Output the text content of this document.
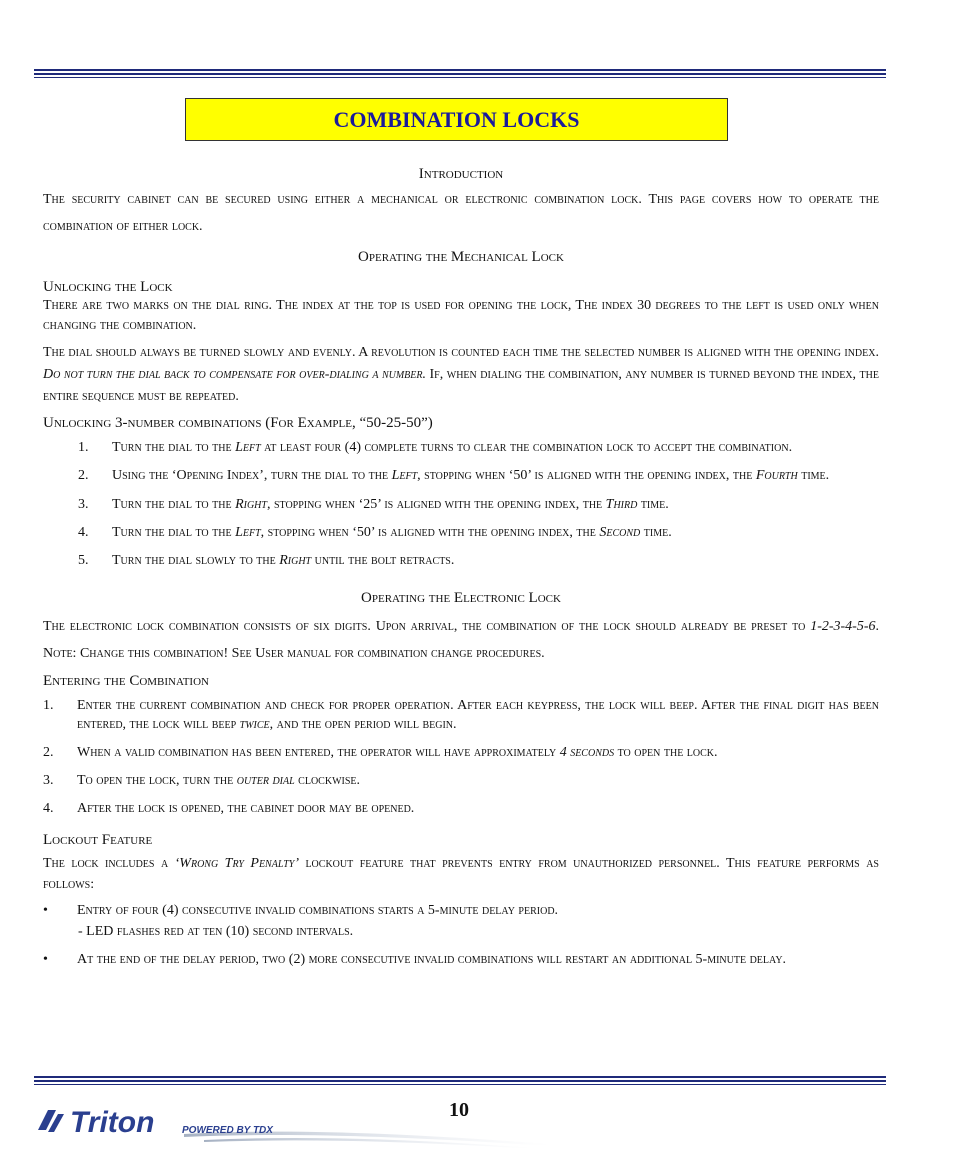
COMBINATION LOCKS
Introduction

The security cabinet can be secured using either a mechanical or electronic combination lock. This page covers how to operate the combination of either lock.

Operating the Mechanical Lock
Unlocking the Lock

There are two marks on the dial ring. The index at the top is used for opening the lock, The index 30 degrees to the left is used only when changing the combination.

The dial should always be turned slowly and evenly. A revolution is counted each time the selected number is aligned with the opening index. Do not turn the dial back to compensate for over-dialing a number. If, when dialing the combination, any number is turned beyond the index, the entire sequence must be repeated.

Unlocking 3-number combinations (For Example, “50-25-50”)
1.	Turn the dial to the Left at least four (4) complete turns to clear the combination lock to accept the combination.
2. Using the ‘Opening Index’, turn the dial to the Left, stopping when ‘50’ is aligned with the opening index, the Fourth time.
3.	Turn the dial to the Right, stopping when ‘25’ is aligned with the opening index, the Third time.
4.	Turn the dial to the Left, stopping when ‘50’ is aligned with the opening index, the Second time.
5.	Turn the dial slowly to the Right until the bolt retracts.
Operating the Electronic Lock

The electronic lock combination consists of six digits. Upon arrival, the combination of the lock should already be preset to 1-2-3-4-5-6. Note: Change this combination! See User manual for combination change procedures.

Entering the Combination
1.	Enter the current combination and check for proper operation. After each keypress, the lock will beep. After the final digit has been entered, the lock will beep twice, and the open period will begin.
2.	When a valid combination has been entered, the operator will have approximately 4 seconds to open the lock.
3.	To open the lock, turn the outer dial clockwise.
4.	After the lock is opened, the cabinet door may be opened.
Lockout Feature

The lock includes a ‘Wrong Try Penalty’ lockout feature that prevents entry from unauthorized personnel. This feature performs as follows:

•	Entry of four (4) consecutive invalid combinations starts a 5-minute delay period.
- LED flashes red at ten (10) second intervals.
•	At the end of the delay period, two (2) more consecutive invalid combinations will restart an additional 5-minute delay.
10
Triton	POWERED BY TDX
